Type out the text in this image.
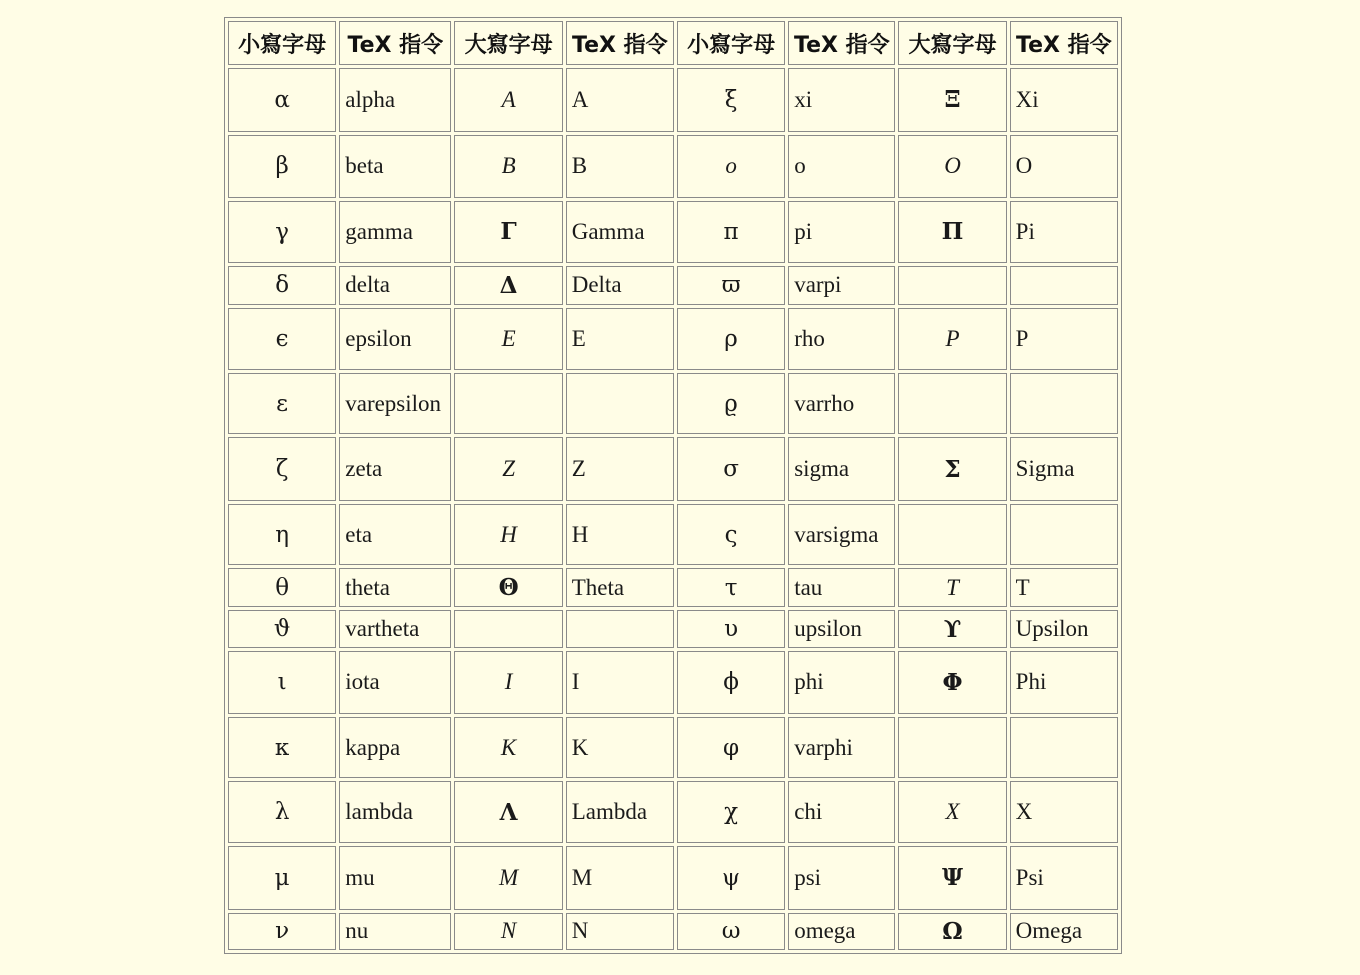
小寫字母	TeX 指令	大寫字母	TeX 指令	小寫字母	TeX 指令	大寫字母	TeX 指令
α	alpha	A	A	ξ	xi	Ξ	Xi
β	beta	B	B	o	o	O	O
γ	gamma	Γ	Gamma	π	pi	Π	Pi
δ	delta	Δ	Delta	ϖ	varpi		
ϵ	epsilon	E	E	ρ	rho	P	P
ε	varepsilon			ϱ	varrho		
ζ	zeta	Z	Z	σ	sigma	Σ	Sigma
η	eta	H	H	ς	varsigma		
θ	theta	Θ	Theta	τ	tau	T	T
ϑ	vartheta			υ	upsilon	ϒ	Upsilon
ι	iota	I	I	ϕ	phi	Φ	Phi
κ	kappa	K	K	φ	varphi		
λ	lambda	Λ	Lambda	χ	chi	X	X
μ	mu	M	M	ψ	psi	Ψ	Psi
ν	nu	N	N	ω	omega	Ω	Omega
